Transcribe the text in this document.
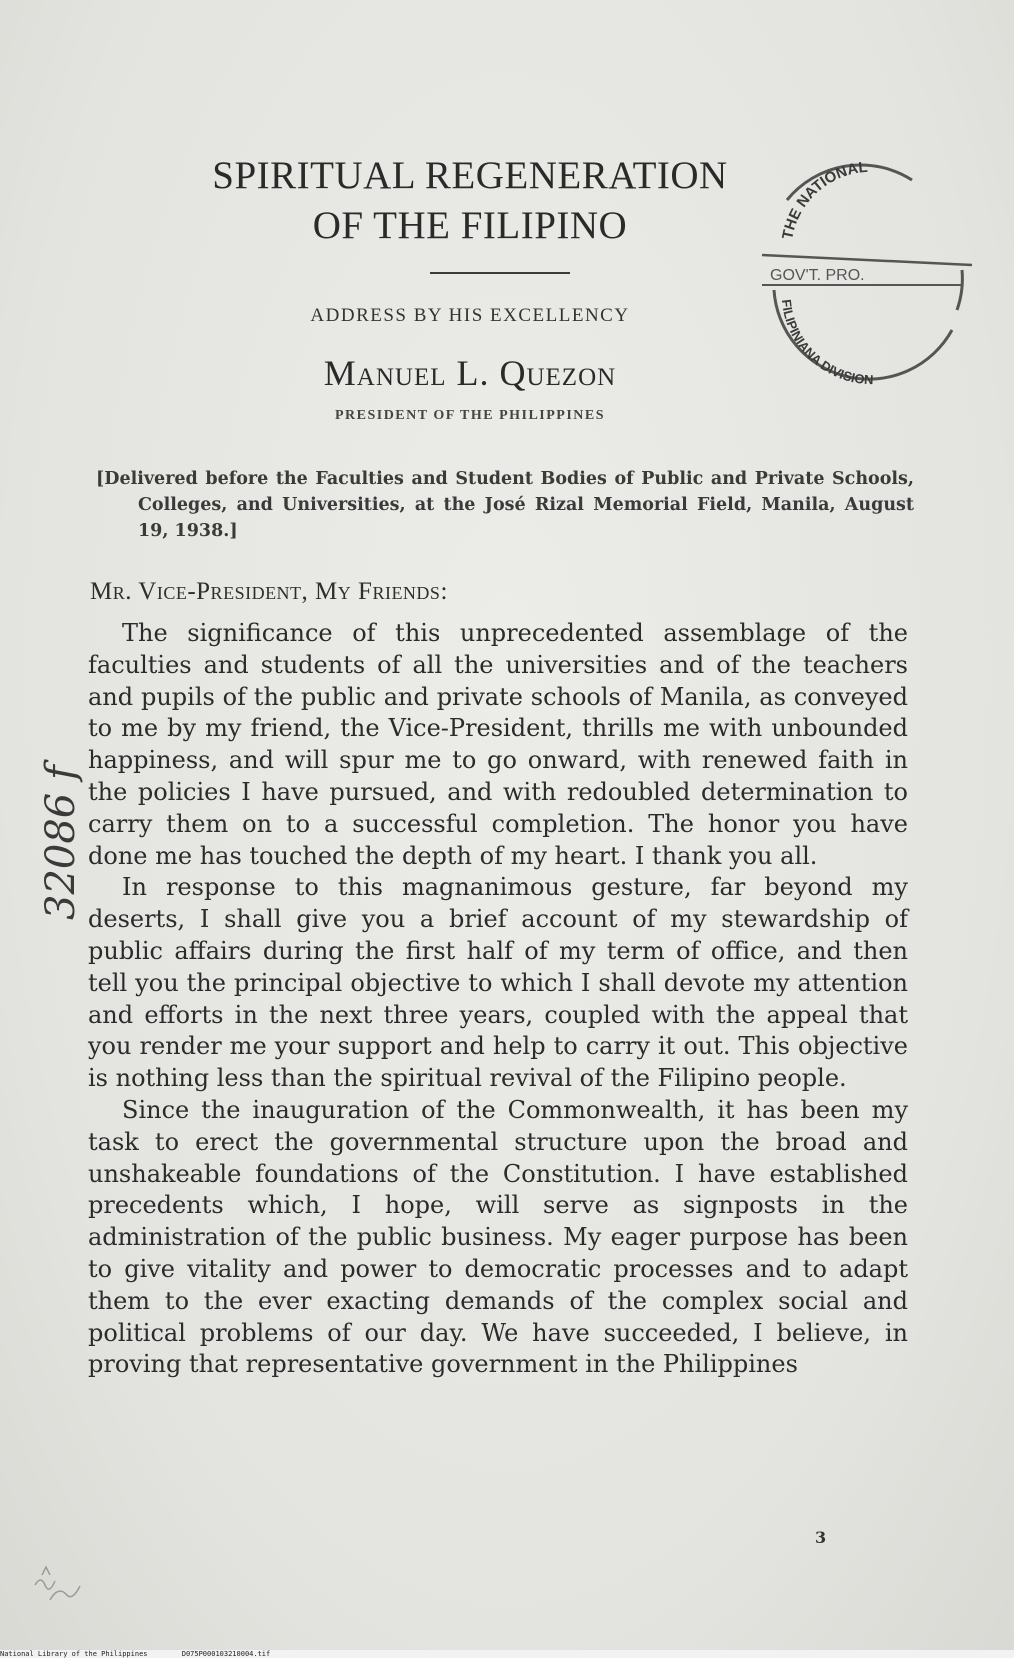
SPIRITUAL REGENERATION
OF THE FILIPINO
ADDRESS BY HIS EXCELLENCY
Manuel L. Quezon
PRESIDENT OF THE PHILIPPINES
THE NATIONAL
GOV'T. PRO.
FILIPINIANA DIVISION
[Delivered before the Faculties and Student Bodies of Public and Private Schools, Colleges, and Universities, at the José Rizal Memorial Field, Manila, August 19, 1938.]
Mr. Vice-President, My Friends:

The significance of this unprecedented assemblage of the faculties and students of all the universities and of the teachers and pupils of the public and private schools of Manila, as conveyed to me by my friend, the Vice-President, thrills me with unbounded happiness, and will spur me to go onward, with renewed faith in the policies I have pursued, and with redoubled determination to carry them on to a successful completion. The honor you have done me has touched the depth of my heart. I thank you all.

In response to this magnanimous gesture, far beyond my deserts, I shall give you a brief account of my stewardship of public affairs during the first half of my term of office, and then tell you the principal objective to which I shall devote my attention and efforts in the next three years, coupled with the appeal that you render me your support and help to carry it out. This objective is nothing less than the spiritual revival of the Filipino people.

Since the inauguration of the Commonwealth, it has been my task to erect the governmental structure upon the broad and unshakeable foundations of the Constitution. I have established precedents which, I hope, will serve as signposts in the administration of the public business. My eager purpose has been to give vitality and power to democratic processes and to adapt them to the ever exacting demands of the complex social and political problems of our day. We have succeeded, I believe, in proving that representative government in the Philippines

3
32086 f
National Library of the Philippines	D075P000103210004.tif
